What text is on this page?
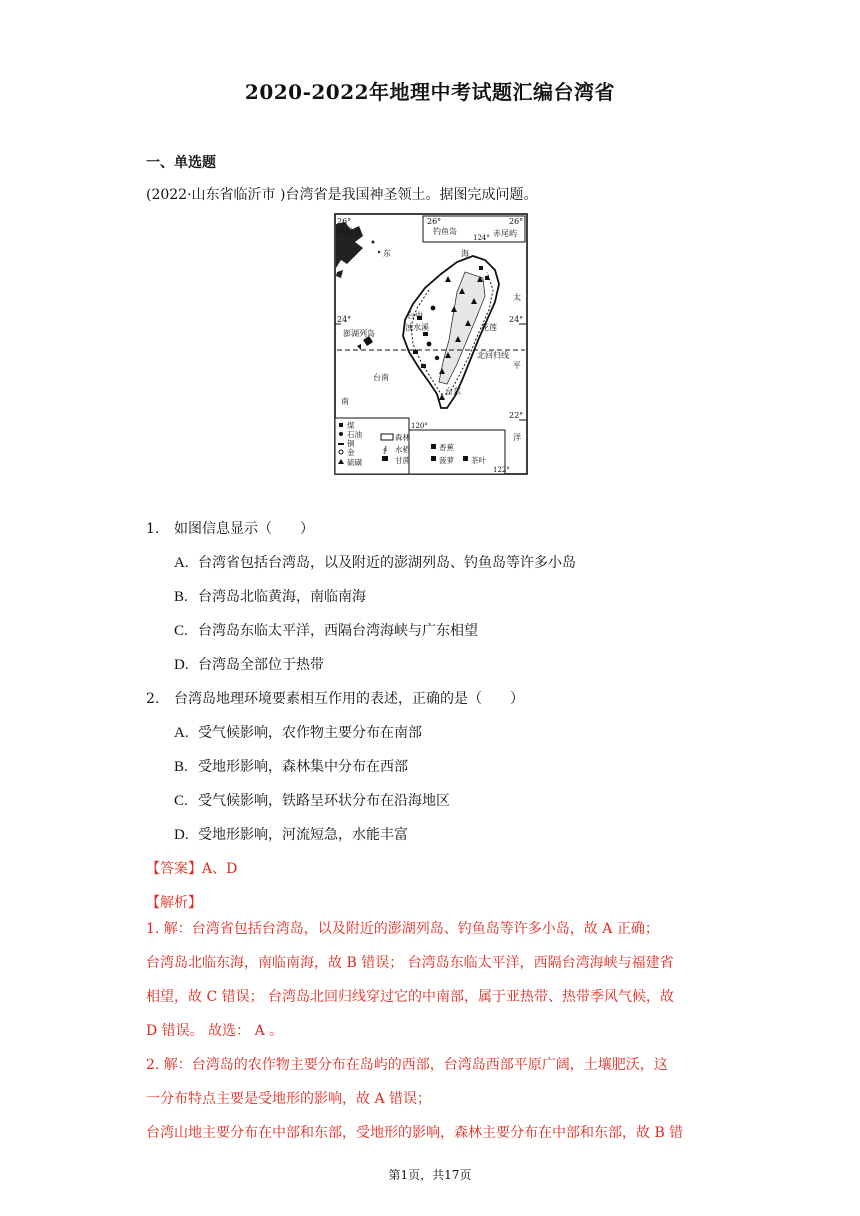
2020-2022年地理中考试题汇编台湾省
一、单选题
(2022·山东省临沂市 )台湾省是我国神圣领土。据图完成问题。
煤
石油
铜
金
硫磺
森林
∮ 水稻
甘蔗
香蕉
菠萝 茶叶
26°
福建省
26°	26°
钓鱼岛
124° 赤尾屿
东	海
太
24°	24°
澎湖列岛
台中
浊水溪	花莲
北回归线
平
台南
台东
南
120°
22°
洋
122°
1. 如图信息显示（　　）
A. 台湾省包括台湾岛，以及附近的澎湖列岛、钓鱼岛等许多小岛
B. 台湾岛北临黄海，南临南海
C. 台湾岛东临太平洋，西隔台湾海峡与广东相望
D. 台湾岛全部位于热带
2. 台湾岛地理环境要素相互作用的表述，正确的是（　　）
A. 受气候影响，农作物主要分布在南部
B. 受地形影响，森林集中分布在西部
C. 受气候影响，铁路呈环状分布在沿海地区
D. 受地形影响，河流短急，水能丰富
【答案】A、D
【解析】
1. 解：台湾省包括台湾岛，以及附近的澎湖列岛、钓鱼岛等许多小岛，故 A 正确；
台湾岛北临东海，南临南海，故 B 错误； 台湾岛东临太平洋，西隔台湾海峡与福建省
相望，故 C 错误； 台湾岛北回归线穿过它的中南部，属于亚热带、热带季风气候，故
D 错误。 故选： A 。
2. 解：台湾岛的农作物主要分布在岛屿的西部，台湾岛西部平原广阔，土壤肥沃，这
一分布特点主要是受地形的影响，故 A 错误；
台湾山地主要分布在中部和东部，受地形的影响，森林主要分布在中部和东部，故 B 错
第1页，共17页
